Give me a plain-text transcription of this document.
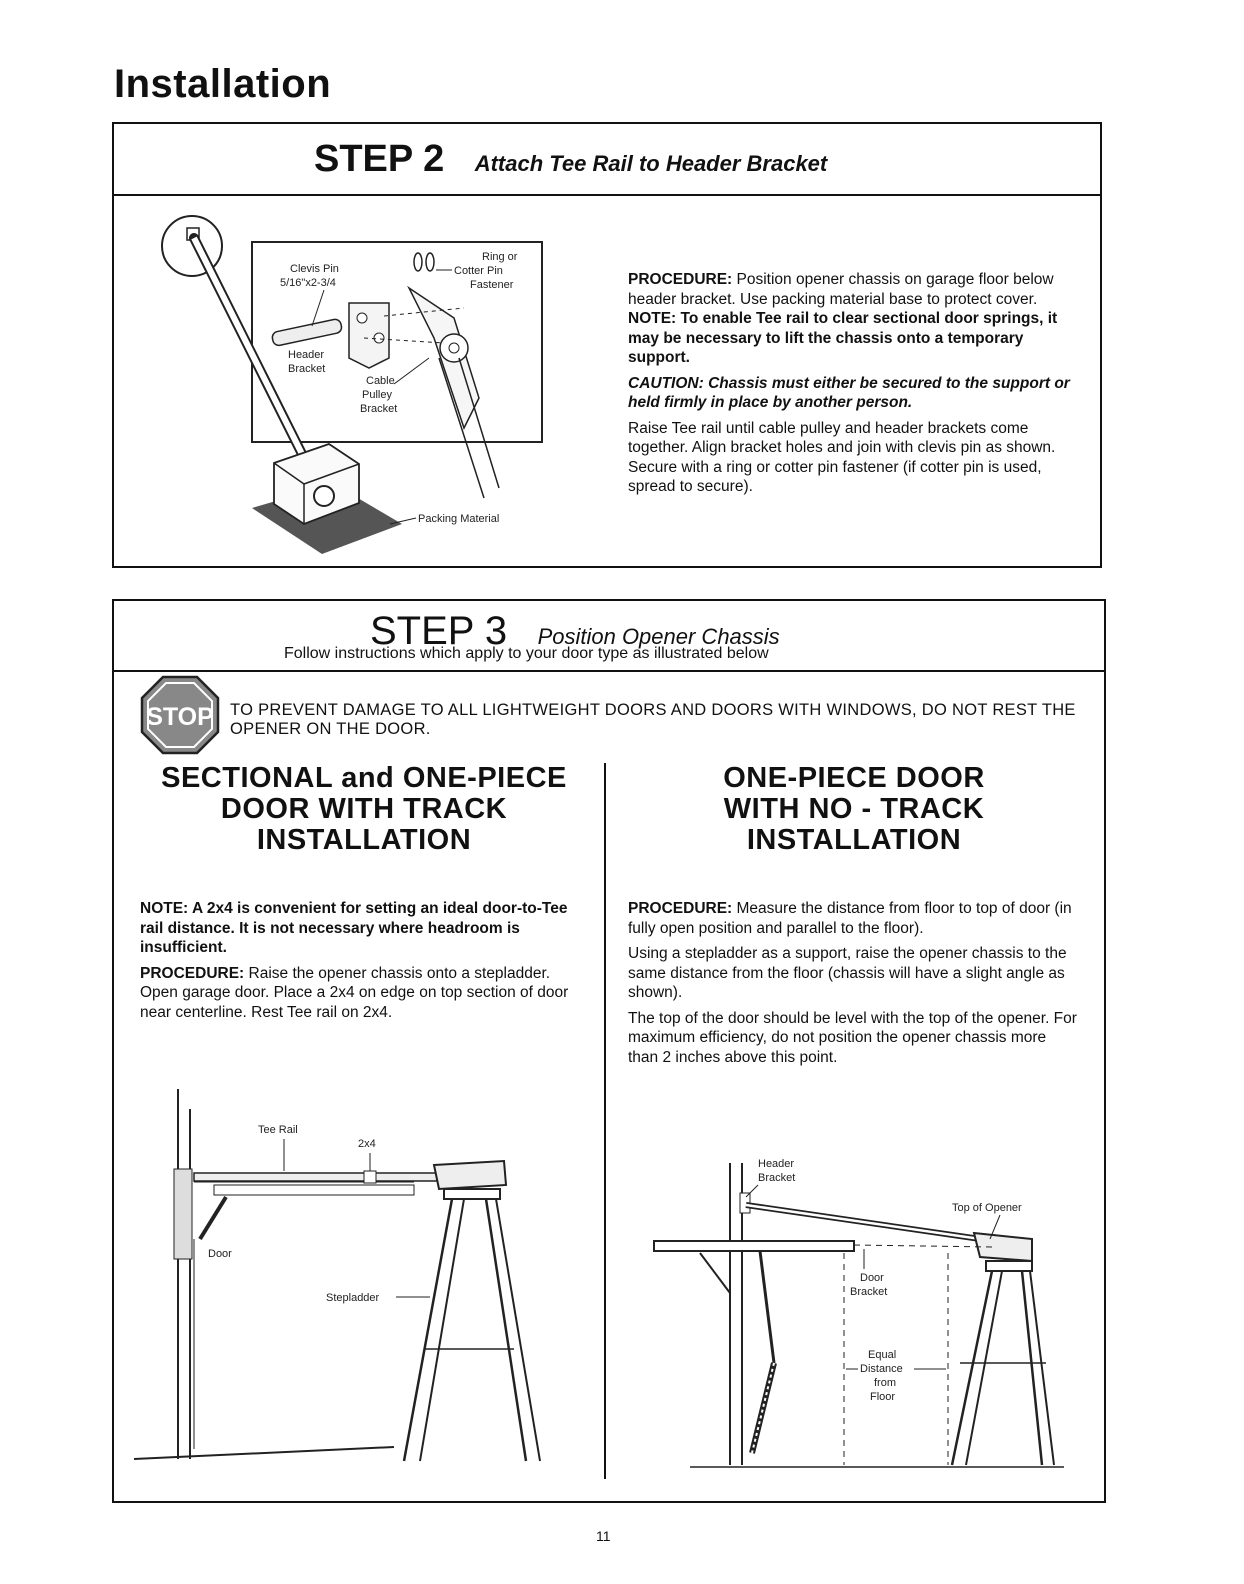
Installation
STEP 2 Attach Tee Rail to Header Bracket
Clevis Pin
5/16"x2-3/4
Ring or
Cotter Pin
Fastener
Header
Bracket
Cable
Pulley
Bracket
Packing Material

PROCEDURE: Position opener chassis on garage floor below header bracket. Use packing material base to protect cover. NOTE: To enable Tee rail to clear sectional door springs, it may be necessary to lift the chassis onto a temporary support.

CAUTION: Chassis must either be secured to the support or held firmly in place by another person.

Raise Tee rail until cable pulley and header brackets come together. Align bracket holes and join with clevis pin as shown. Secure with a ring or cotter pin fastener (if cotter pin is used, spread to secure).

STEP 3 Position Opener Chassis
Follow instructions which apply to your door type as illustrated below
STOP TO PREVENT DAMAGE TO ALL LIGHTWEIGHT DOORS AND DOORS WITH WINDOWS, DO NOT REST THE OPENER ON THE DOOR.
SECTIONAL and ONE-PIECE
DOOR WITH TRACK
INSTALLATION

NOTE: A 2x4 is convenient for setting an ideal door-to-Tee rail distance. It is not necessary where headroom is insufficient.

PROCEDURE: Raise the opener chassis onto a stepladder. Open garage door. Place a 2x4 on edge on top section of door near centerline. Rest Tee rail on 2x4.

Tee Rail
2x4
Door
Stepladder
ONE-PIECE DOOR
WITH NO - TRACK
INSTALLATION

PROCEDURE: Measure the distance from floor to top of door (in fully open position and parallel to the floor).

Using a stepladder as a support, raise the opener chassis to the same distance from the floor (chassis will have a slight angle as shown).

The top of the door should be level with the top of the opener. For maximum efficiency, do not position the opener chassis more than 2 inches above this point.

Header
Bracket
Top of Opener
Door
Bracket
Equal
Distance
from
Floor
11
